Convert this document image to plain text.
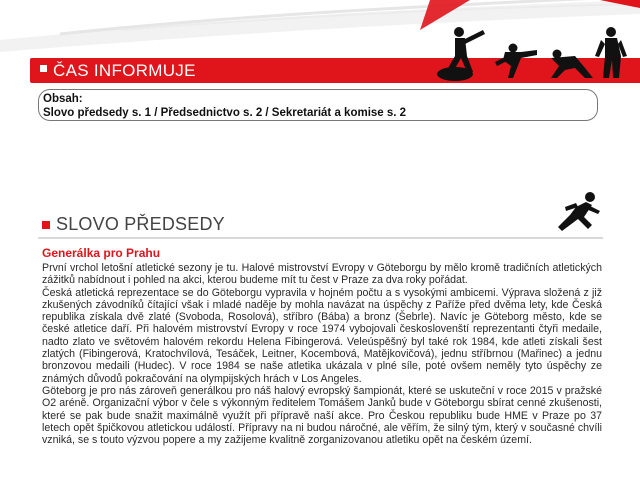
ČAS INFORMUJE
Obsah:
Slovo předsedy s. 1 / Předsednictvo s. 2 / Sekretariát a komise s. 2
SLOVO PŘEDSEDY
Generálka pro Prahu

První vrchol letošní atletické sezony je tu. Halové mistrovství Evropy v Göteborgu by mělo kromě tradičních atletických zážitků nabídnout i pohled na akci, kterou budeme mít tu čest v Praze za dva roky pořádat.

Česká atletická reprezentace se do Göteborgu vypravila v hojném počtu a s vysokými ambicemi. Výprava složená z již zkušených závodníků čítající však i mladé naděje by mohla navázat na úspěchy z Paříže před dvěma lety, kde Česká republika získala dvě zlaté (Svoboda, Rosolová), stříbro (Bába) a bronz (Šebrle). Navíc je Göteborg město, kde se české atletice daří. Při halovém mistrovství Evropy v roce 1974 vybojovali českoslovenští reprezentanti čtyři medaile, nadto zlato ve světovém halovém rekordu Helena Fibingerová. Veleúspěšný byl také rok 1984, kde atleti získali šest zlatých (Fibingerová, Kratochvílová, Tesáček, Leitner, Kocembová, Matějkovičová), jednu stříbrnou (Mařinec) a jednu bronzovou medaili (Hudec). V roce 1984 se naše atletika ukázala v plné síle, poté ovšem neměly tyto úspěchy ze známých důvodů pokračování na olympijských hrách v Los Angeles.

Göteborg je pro nás zároveň generálkou pro náš halový evropský šampionát, které se uskuteční v roce 2015 v pražské O2 aréně. Organizační výbor v čele s výkonným ředitelem Tomášem Janků bude v Göteborgu sbírat cenné zkušenosti, které se pak bude snažit maximálně využít při přípravě naší akce. Pro Českou republiku bude HME v Praze po 37 letech opět špičkovou atletickou událostí. Přípravy na ni budou náročné, ale věřím, že silný tým, který v současné chvíli vzniká, se s touto výzvou popere a my zažijeme kvalitně zorganizovanou atletiku opět na českém území.
